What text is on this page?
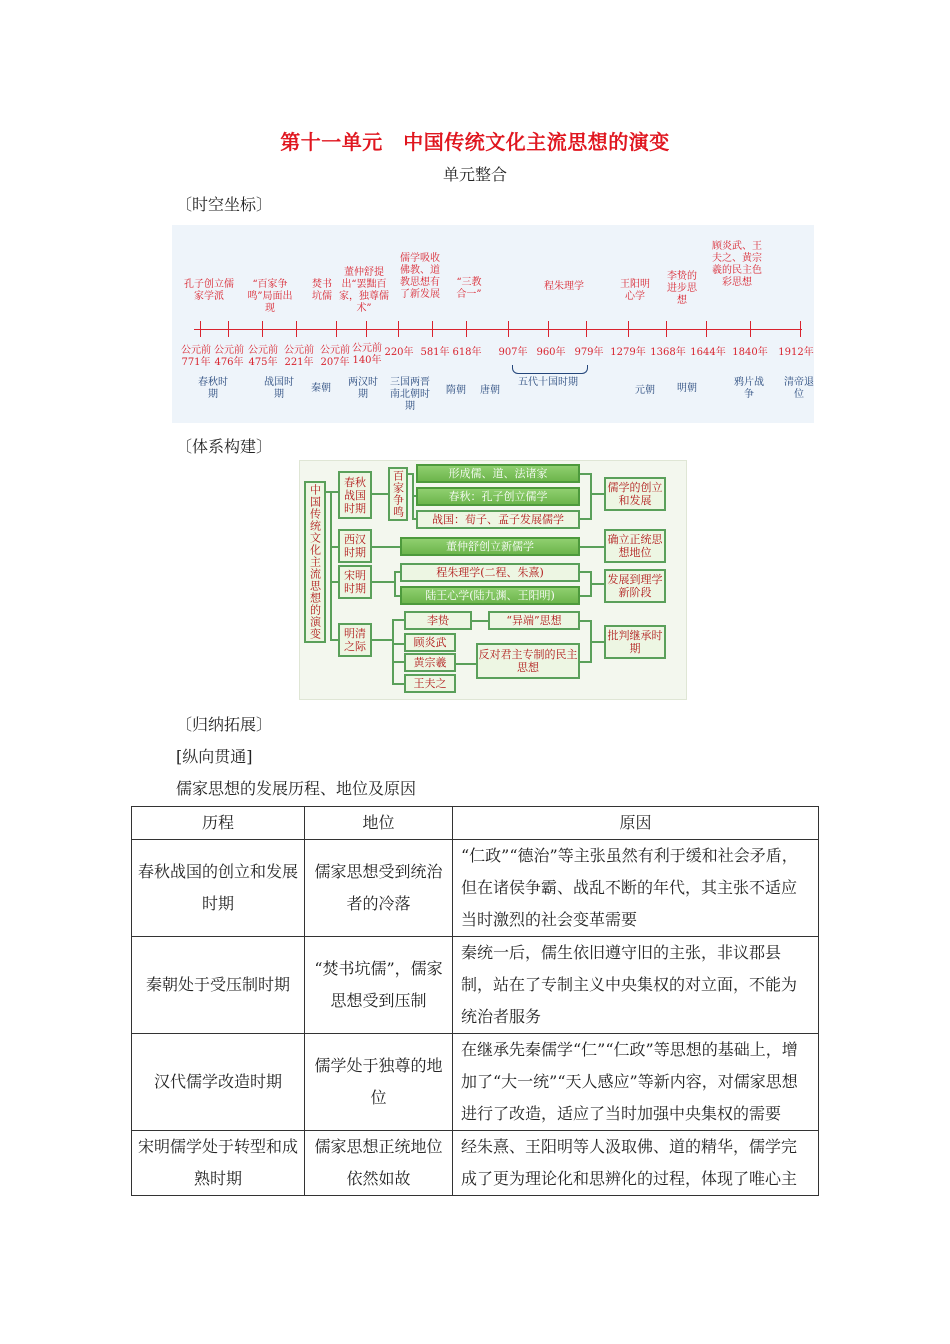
第十一单元　中国传统文化主流思想的演变
单元整合
〔时空坐标〕
孔子创立儒家学派
“百家争鸣”局面出现
焚书坑儒
董仲舒提出“罢黜百家，独尊儒术”
儒学吸收佛教、道教思想有了新发展
“三教合一”
程朱理学	王阳明心学
李贽的进步思想
顾炎武、王夫之、黄宗羲的民主色彩思想
公元前771年
公元前476年
公元前475年
公元前221年
公元前207年
公元前140年
220年 581年 618年 907年 960年 979年 1279年 1368年 1644年 1840年 1912年
春秋时期
战国时期
秦朝
两汉时期
三国两晋南北朝时期
隋朝	唐朝
五代十国时期
元朝	明朝
鸦片战争
清帝退位
〔体系构建〕
中国传统文化主流思想的演变
春秋战国时期
西汉时期
宋明时期
明清之际
百家争鸣	形成儒、道、法诸家
春秋：孔子创立儒学
战国：荀子、孟子发展儒学
董仲舒创立新儒学
程朱理学(二程、朱熹)
陆王心学(陆九渊、王阳明)
李贽	“异端”思想
顾炎武
黄宗羲
王夫之
反对君主专制的民主思想
儒学的创立和发展
确立正统思想地位
发展到理学新阶段
批判继承时期
〔归纳拓展〕
[纵向贯通]
儒家思想的发展历程、地位及原因
历程	地位	原因
春秋战国的创立和发展时期	儒家思想受到统治者的冷落	“仁政”“德治”等主张虽然有利于缓和社会矛盾，但在诸侯争霸、战乱不断的年代，其主张不适应当时激烈的社会变革需要
秦朝处于受压制时期	“焚书坑儒”，儒家思想受到压制	秦统一后，儒生依旧遵守旧的主张，非议郡县制，站在了专制主义中央集权的对立面，不能为统治者服务
汉代儒学改造时期	儒学处于独尊的地位	在继承先秦儒学“仁”“仁政”等思想的基础上，增加了“大一统”“天人感应”等新内容，对儒家思想进行了改造，适应了当时加强中央集权的需要
宋明儒学处于转型和成熟时期	儒家思想正统地位依然如故	经朱熹、王阳明等人汲取佛、道的精华，儒学完成了更为理论化和思辨化的过程，体现了唯心主
